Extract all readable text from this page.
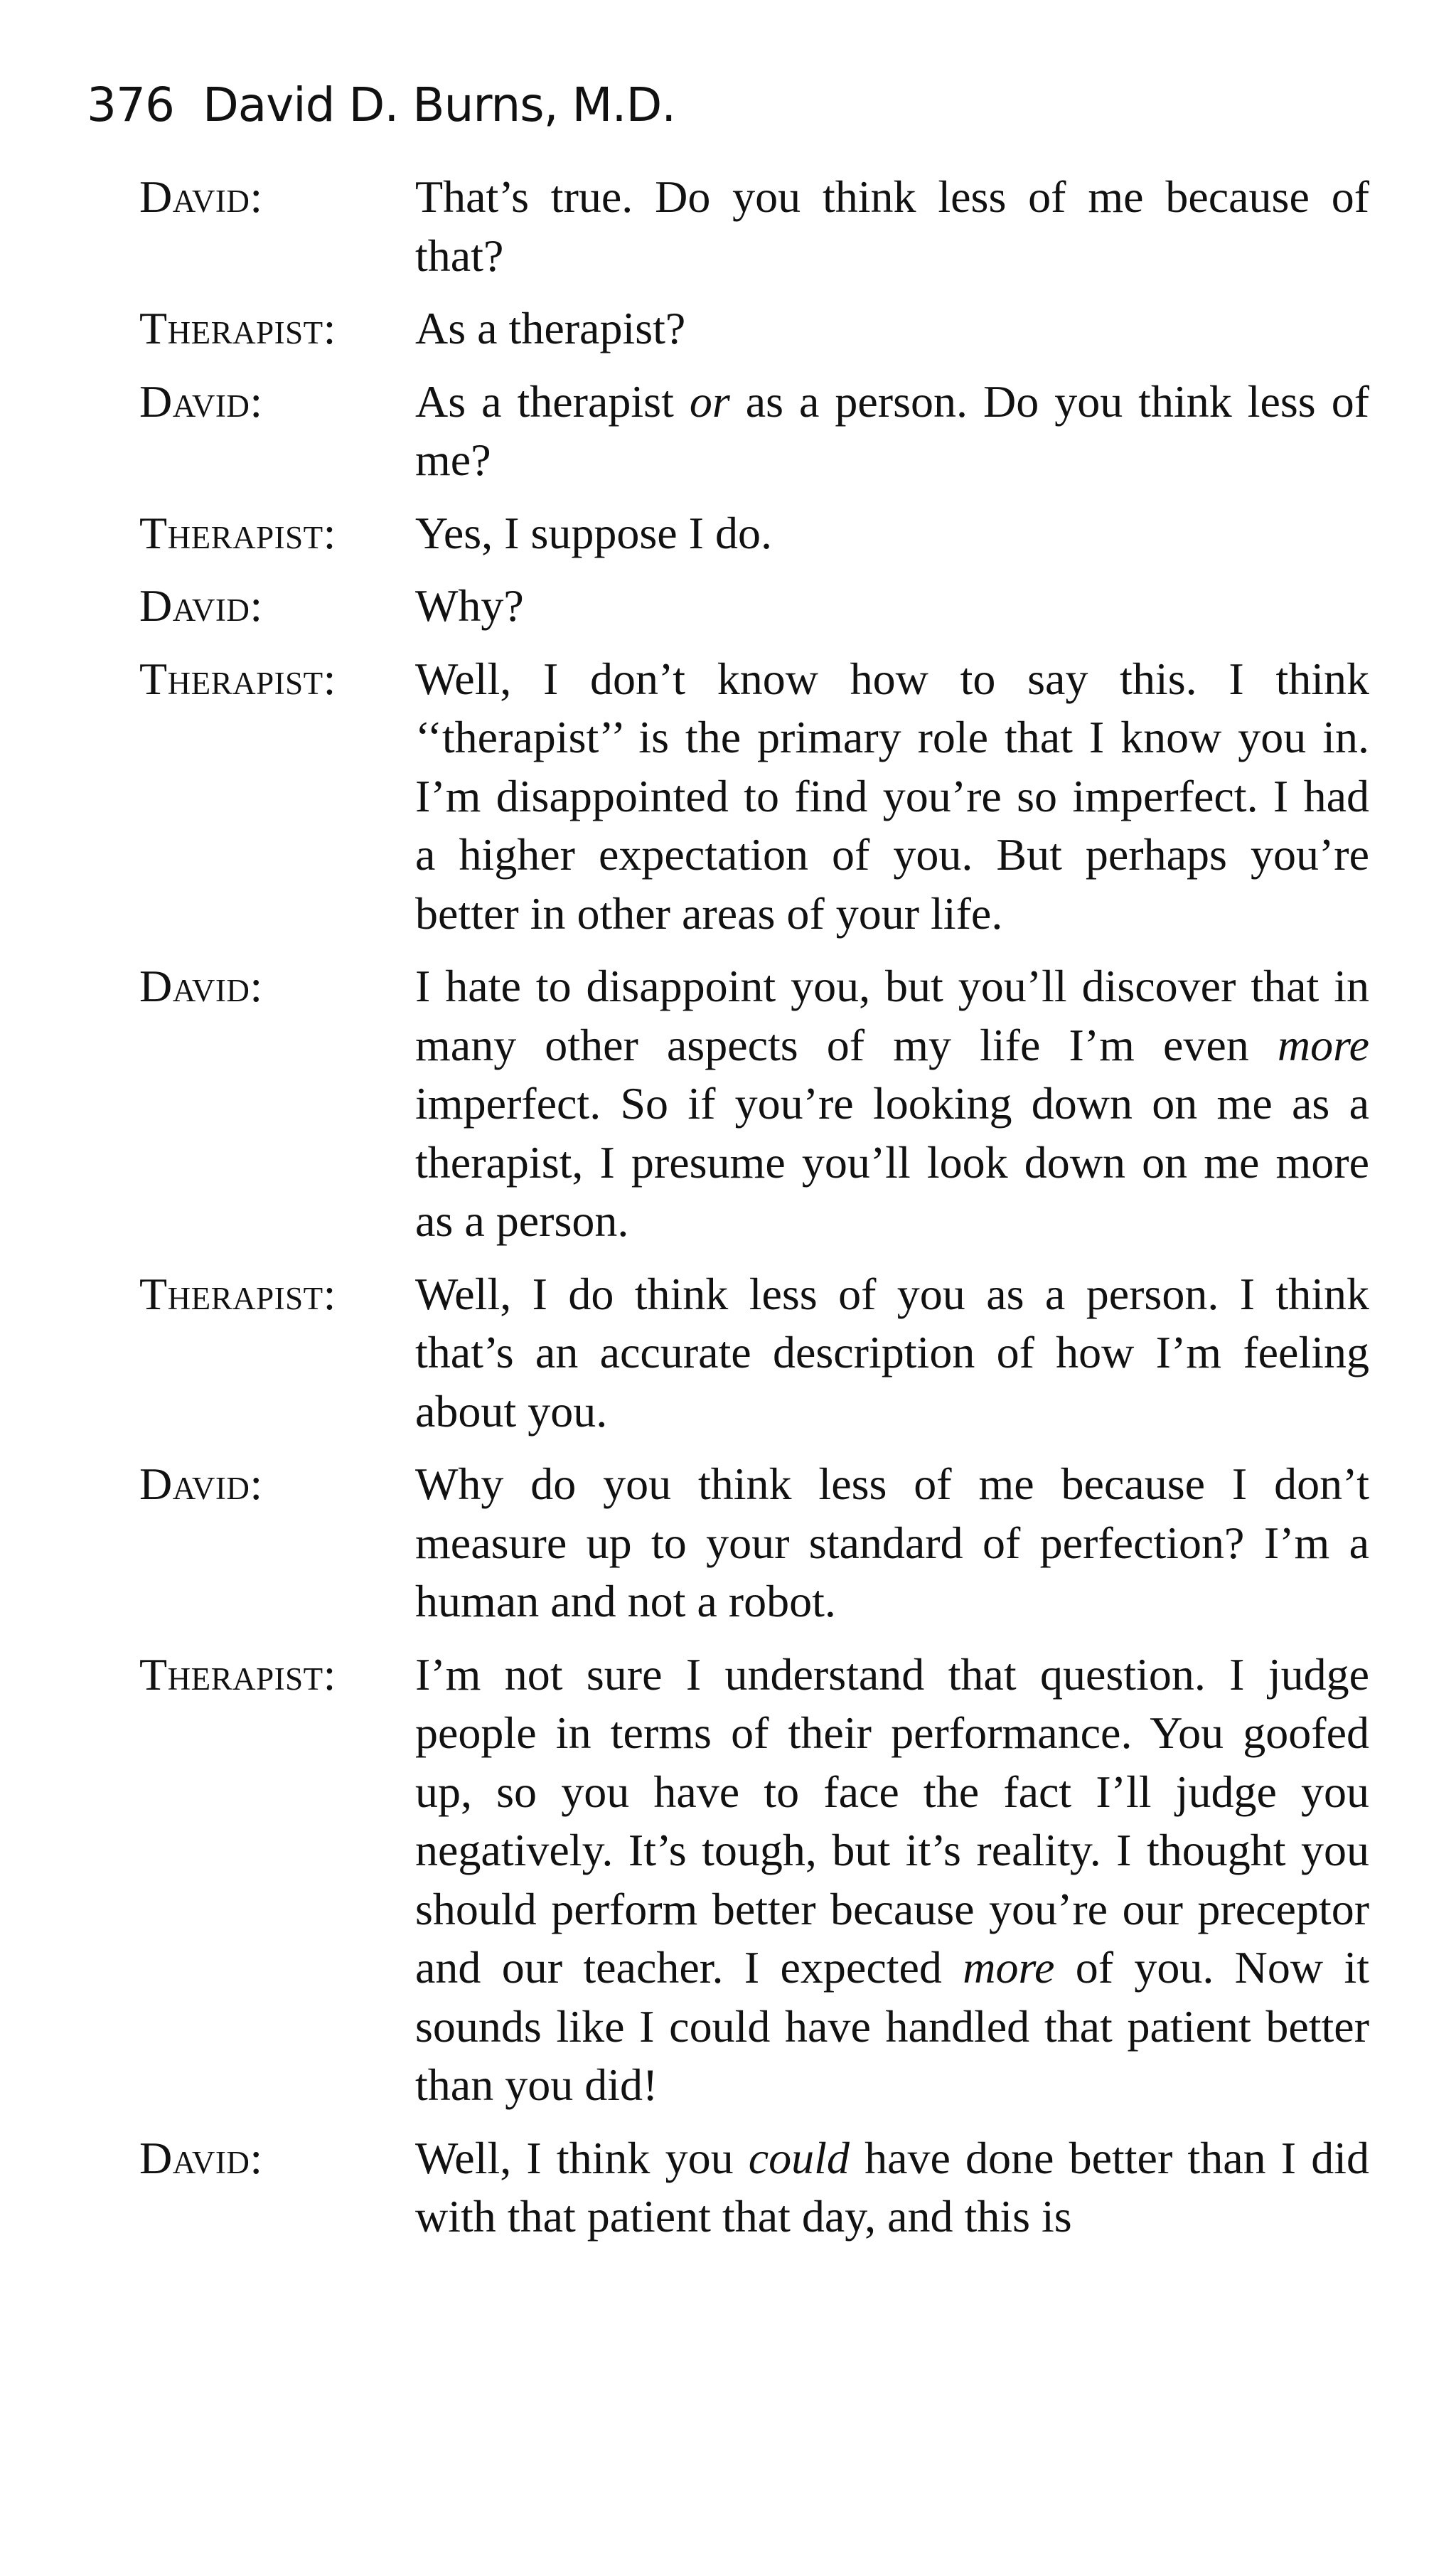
376 David D. Burns, M.D.
David:	That’s true. Do you think less of me because of that?
Therapist:	As a therapist?
David:	As a therapist or as a person. Do you think less of me?
Therapist:	Yes, I suppose I do.
David:	Why?
Therapist:	Well, I don’t know how to say this. I think ‘‘therapist’’ is the primary role that I know you in. I’m disappointed to find you’re so imperfect. I had a higher expectation of you. But perhaps you’re better in other areas of your life.
David:	I hate to disappoint you, but you’ll discover that in many other aspects of my life I’m even more imperfect. So if you’re looking down on me as a therapist, I presume you’ll look down on me more as a person.
Therapist:	Well, I do think less of you as a person. I think that’s an accurate description of how I’m feeling about you.
David:	Why do you think less of me because I don’t measure up to your standard of perfection? I’m a human and not a robot.
Therapist:	I’m not sure I understand that question. I judge people in terms of their performance. You goofed up, so you have to face the fact I’ll judge you negatively. It’s tough, but it’s reality. I thought you should perform better because you’re our preceptor and our teacher. I expected more of you. Now it sounds like I could have handled that patient better than you did!
David:	Well, I think you could have done better than I did with that patient that day, and this is
